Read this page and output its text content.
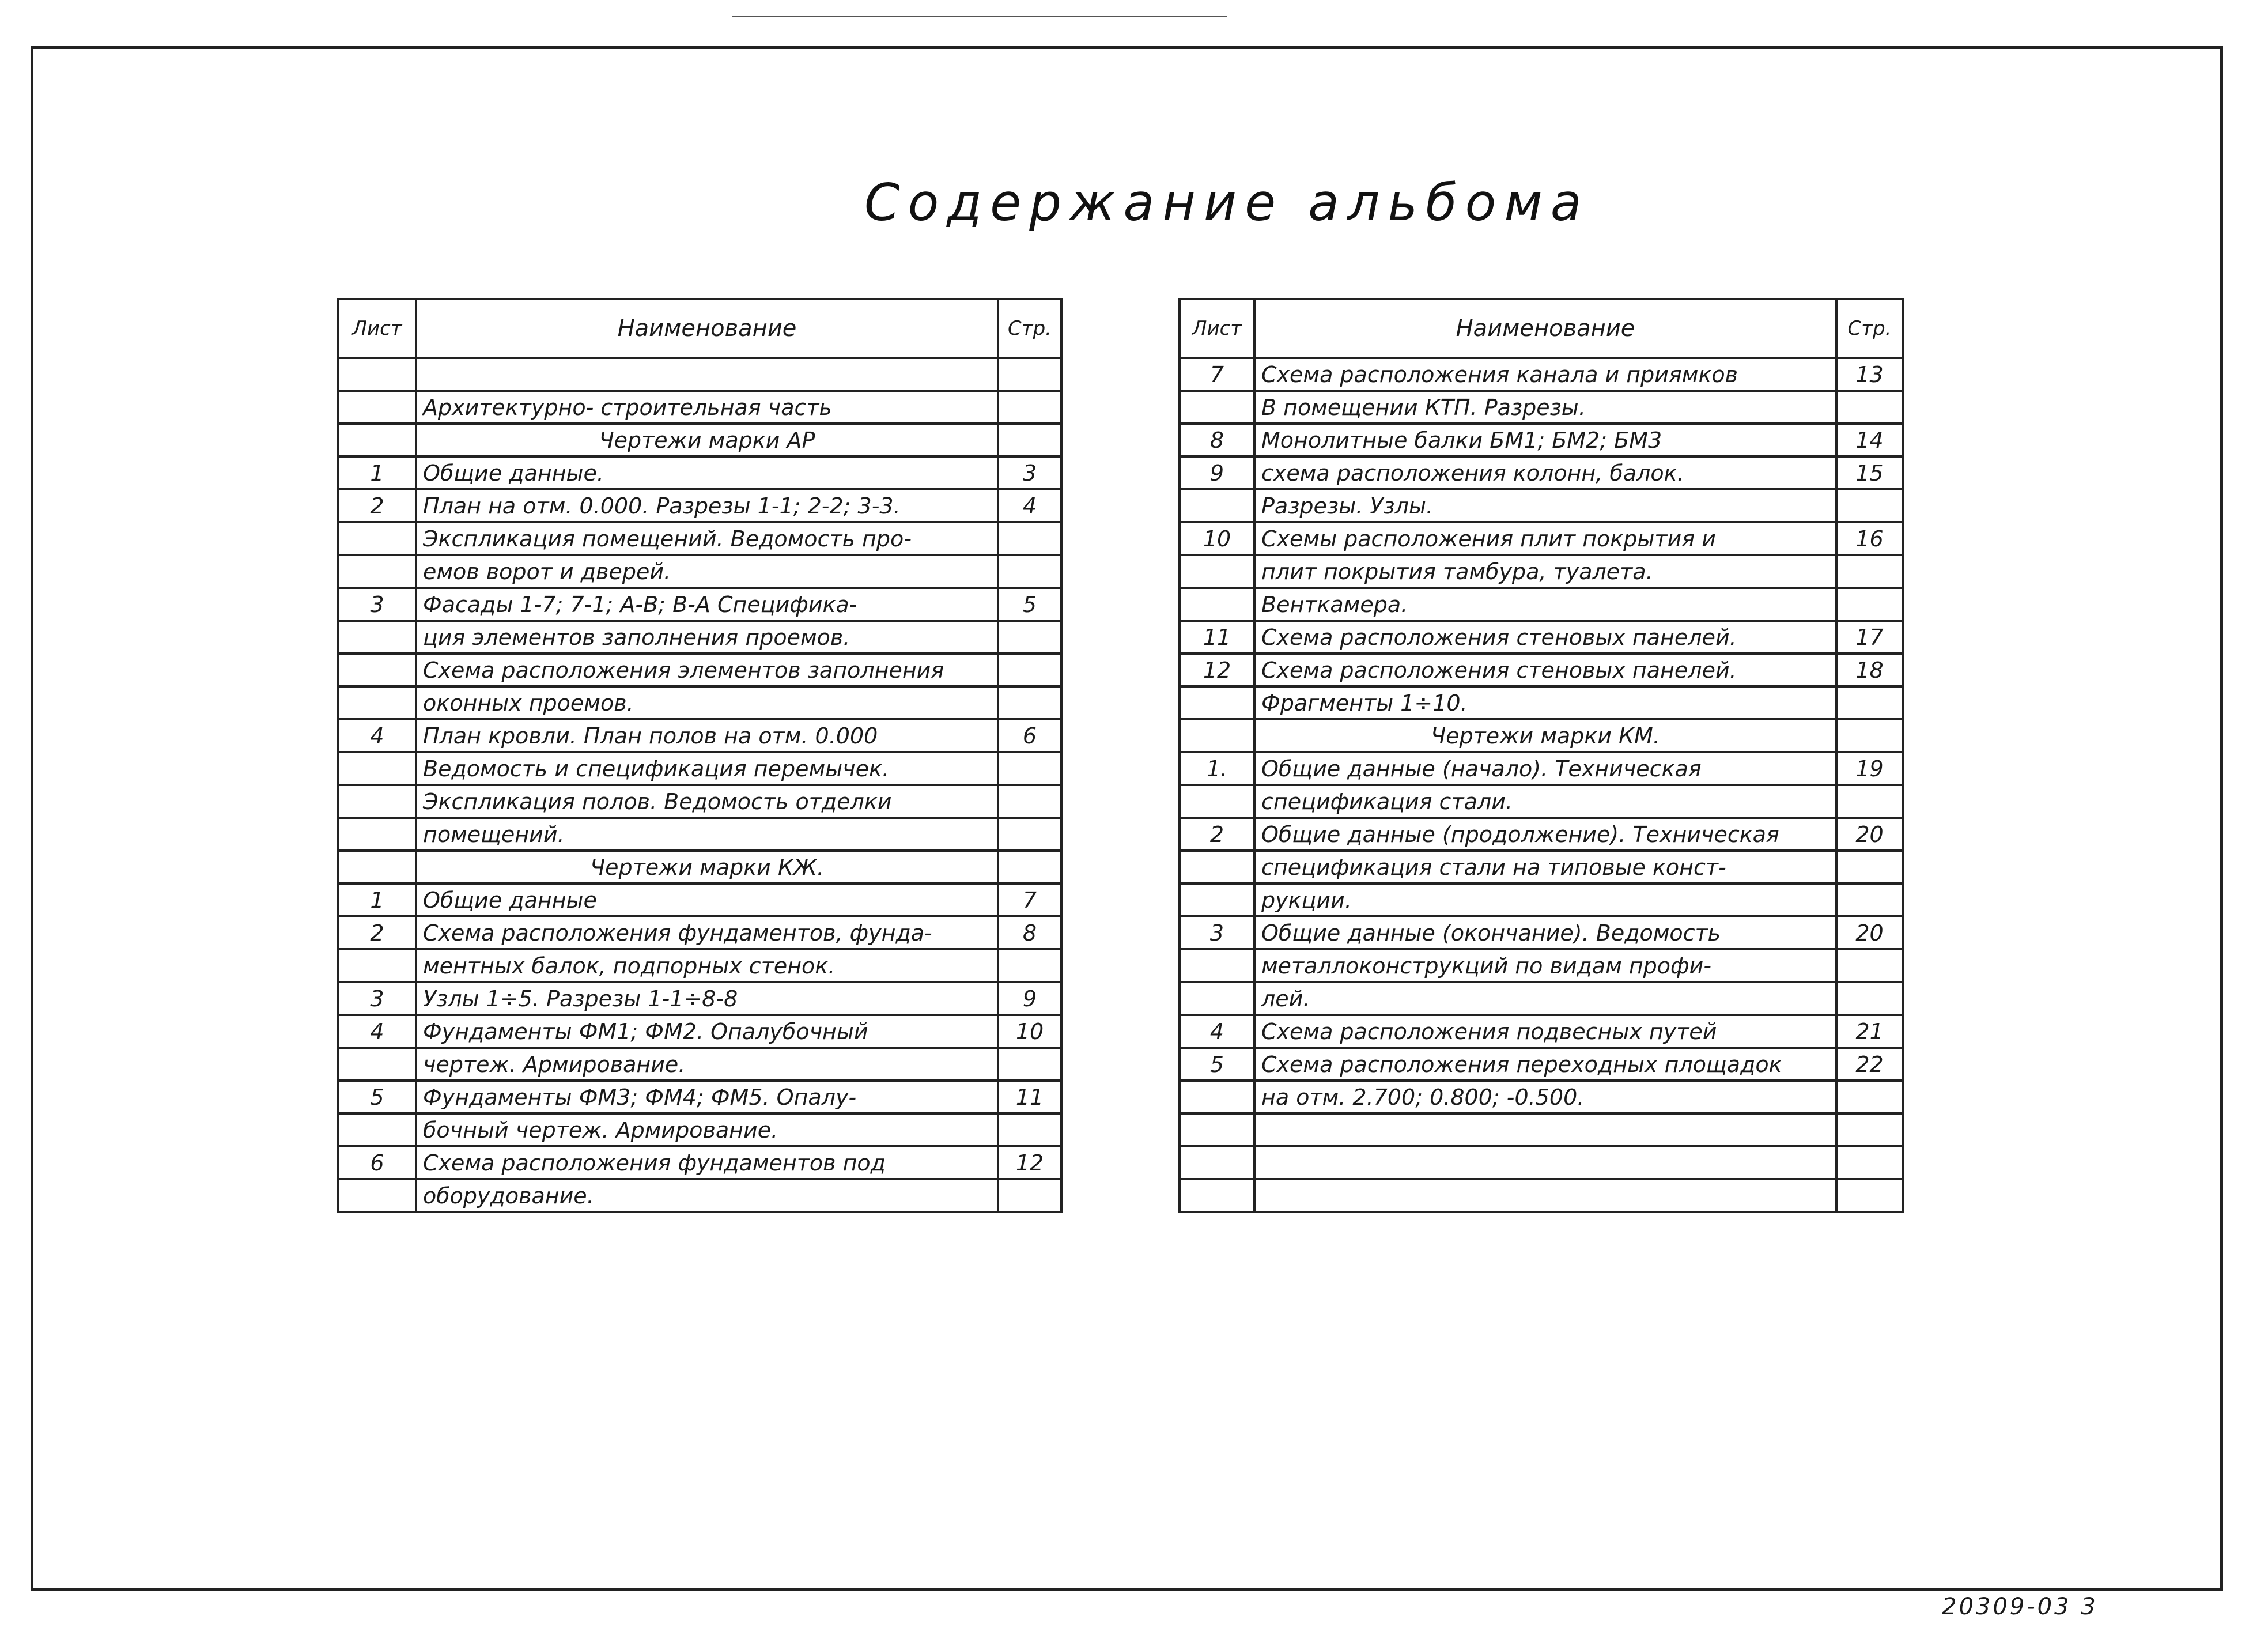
Содержание альбома
Лист	Наименование	Стр.

	Архитектурно- строительная часть	
	Чертежи марки АР	
1	Общие данные.	3
2	План на отм. 0.000. Разрезы 1-1; 2-2; 3-3.	4
	Экспликация помещений. Ведомость про-	
	емов ворот и дверей.	
3	Фасады 1-7; 7-1; А-В; В-А Спецификa-	5
	ция элементов заполнения проемов.	
	Схема расположения элементов заполнения	
	оконных проемов.	
4	План кровли. План полов на отм. 0.000	6
	Ведомость и спецификация перемычек.	
	Экспликация полов. Ведомость отделки	
	помещений.	
	Чертежи марки КЖ.	
1	Общие данные	7
2	Схема расположения фундаментов, фунда-	8
	ментных балок, подпорных стенок.	
3	Узлы 1÷5. Разрезы 1-1÷8-8	9
4	Фундаменты ФМ1; ФМ2. Опалубочный	10
	чертеж. Армирование.	
5	Фундаменты ФМ3; ФМ4; ФМ5. Опалу-	11
	бочный чертеж. Армирование.	
6	Схема расположения фундаментов под	12
	оборудование.	
Лист	Наименование	Стр.
7	Схема расположения канала и приямков	13
	В помещении КТП. Разрезы.	
8	Монолитные балки БМ1; БМ2; БМ3	14
9	схема расположения колонн, балок.	15
	Разрезы. Узлы.	
10	Схемы расположения плит покрытия и	16
	плит покрытия тамбура, туалета.	
	Венткамера.	
11	Схема расположения стеновых панелей.	17
12	Схема расположения стеновых панелей.	18
	Фрагменты 1÷10.	
	Чертежи марки КМ.	
1.	Общие данные (начало). Техническая	19
	спецификация стали.	
2	Общие данные (продолжение). Техническая	20
	спецификация стали на типовые конст-	
	рукции.	
3	Общие данные (окончание). Ведомость	20
	металлоконструкций по видам профи-	
	лей.	
4	Схема расположения подвесных путей	21
5	Схема расположения переходных площадок	22
	на отм. 2.700; 0.800; -0.500.	

20309-03 3
